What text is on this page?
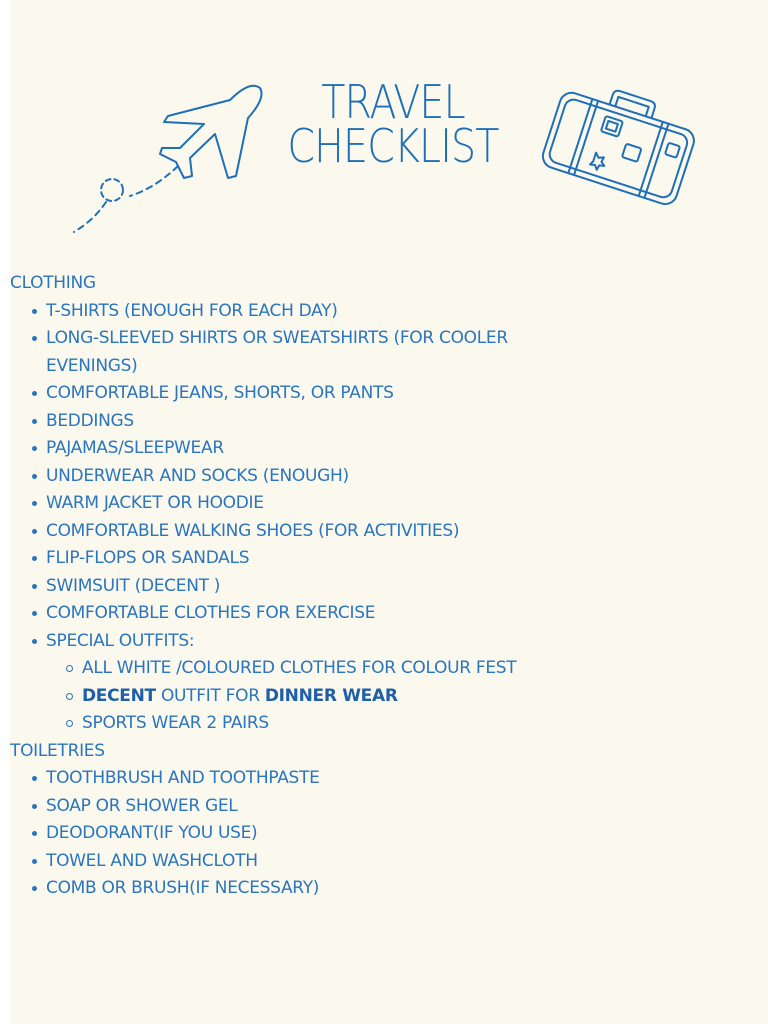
TRAVEL
CHECKLIST
CLOTHING
T-SHIRTS (ENOUGH FOR EACH DAY)
LONG-SLEEVED SHIRTS OR SWEATSHIRTS (FOR COOLER EVENINGS)
COMFORTABLE JEANS, SHORTS, OR PANTS
BEDDINGS
PAJAMAS/SLEEPWEAR
UNDERWEAR AND SOCKS (ENOUGH)
WARM JACKET OR HOODIE
COMFORTABLE WALKING SHOES (FOR ACTIVITIES)
FLIP-FLOPS OR SANDALS
SWIMSUIT (DECENT )
COMFORTABLE CLOTHES FOR EXERCISE
SPECIAL OUTFITS:
ALL WHITE /COLOURED CLOTHES FOR COLOUR FEST
DECENT OUTFIT FOR DINNER WEAR
SPORTS WEAR 2 PAIRS
TOILETRIES
TOOTHBRUSH AND TOOTHPASTE
SOAP OR SHOWER GEL
DEODORANT(IF YOU USE)
TOWEL AND WASHCLOTH
COMB OR BRUSH(IF NECESSARY)
